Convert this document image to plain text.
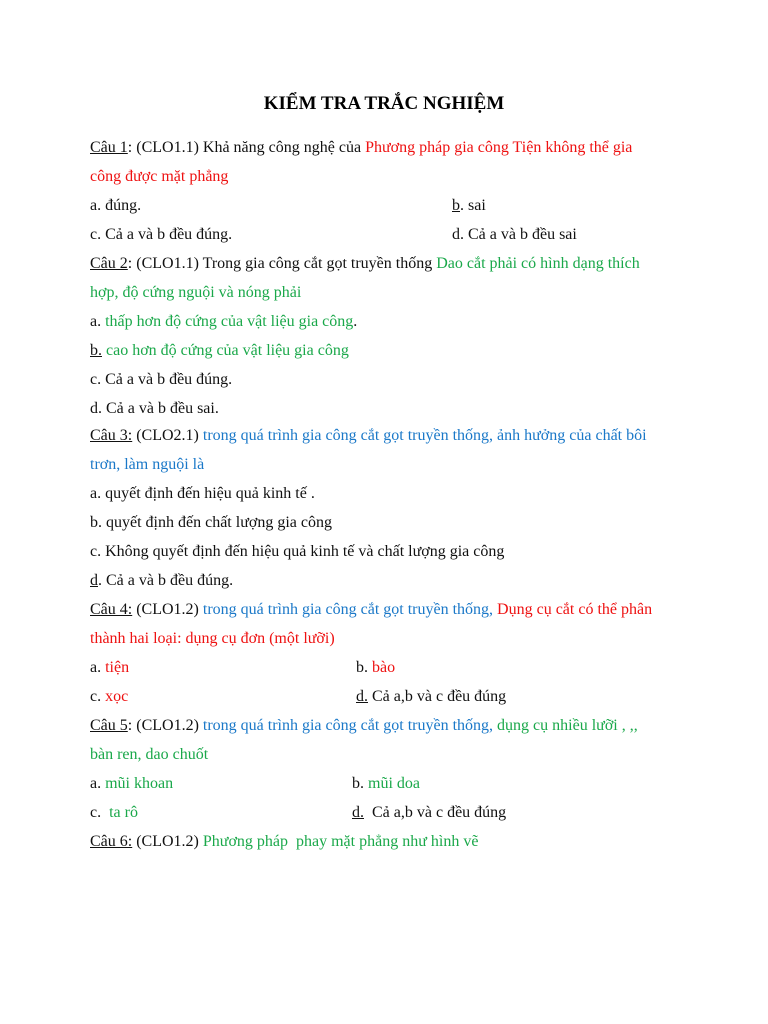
KIỂM TRA TRẮC NGHIỆM
Câu 1: (CLO1.1) Khả năng công nghệ của Phương pháp gia công Tiện không thể gia
công được mặt phẳng
a. đúng.	b. sai
c. Cả a và b đều đúng.	d. Cả a và b đều sai
Câu 2: (CLO1.1) Trong gia công cắt gọt truyền thống Dao cắt phải có hình dạng thích
hợp, độ cứng nguội và nóng phải
a. thấp hơn độ cứng của vật liệu gia công.
b. cao hơn độ cứng của vật liệu gia công
c. Cả a và b đều đúng.
d. Cả a và b đều sai.
Câu 3: (CLO2.1) trong quá trình gia công cắt gọt truyền thống, ảnh hưởng của chất bôi
trơn, làm nguội là
a. quyết định đến hiệu quả kinh tế .
b. quyết định đến chất lượng gia công
c. Không quyết định đến hiệu quả kinh tế và chất lượng gia công
d. Cả a và b đều đúng.
Câu 4: (CLO1.2) trong quá trình gia công cắt gọt truyền thống, Dụng cụ cắt có thể phân
thành hai loại: dụng cụ đơn (một lưỡi)
a. tiện	b. bào
c. xọc	d. Cả a,b và c đều đúng
Câu 5: (CLO1.2) trong quá trình gia công cắt gọt truyền thống, dụng cụ nhiều lưỡi , ,,
bàn ren, dao chuốt
a. mũi khoan	b. mũi doa
c.  ta rô	d.  Cả a,b và c đều đúng
Câu 6: (CLO1.2) Phương pháp  phay mặt phẳng như hình vẽ
